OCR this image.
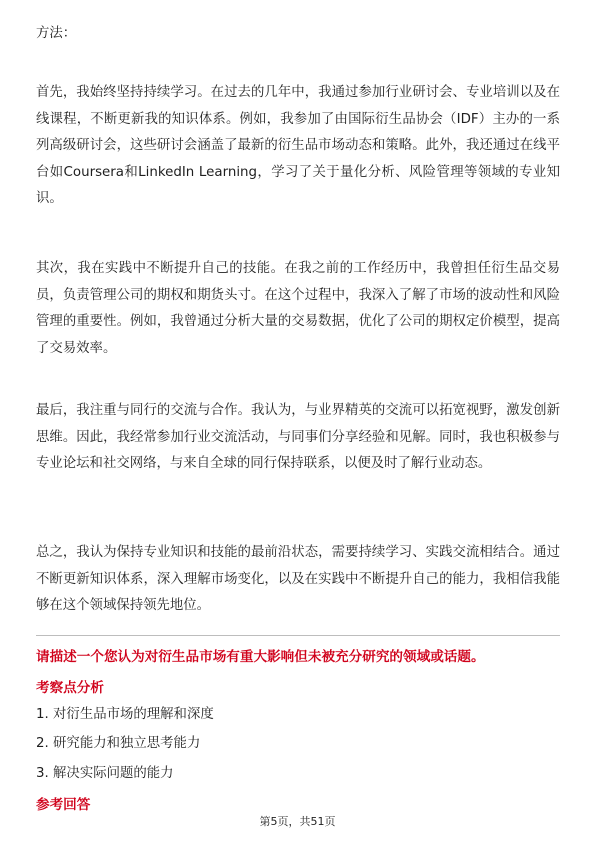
方法：

首先，我始终坚持持续学习。在过去的几年中，我通过参加行业研讨会、专业培训以及在线课程，不断更新我的知识体系。例如，我参加了由国际衍生品协会（IDF）主办的一系列高级研讨会，这些研讨会涵盖了最新的衍生品市场动态和策略。此外，我还通过在线平台如Coursera和LinkedIn Learning，学习了关于量化分析、风险管理等领域的专业知识。

其次，我在实践中不断提升自己的技能。在我之前的工作经历中，我曾担任衍生品交易员，负责管理公司的期权和期货头寸。在这个过程中，我深入了解了市场的波动性和风险管理的重要性。例如，我曾通过分析大量的交易数据，优化了公司的期权定价模型，提高了交易效率。

最后，我注重与同行的交流与合作。我认为，与业界精英的交流可以拓宽视野，激发创新思维。因此，我经常参加行业交流活动，与同事们分享经验和见解。同时，我也积极参与专业论坛和社交网络，与来自全球的同行保持联系，以便及时了解行业动态。

总之，我认为保持专业知识和技能的最前沿状态，需要持续学习、实践交流相结合。通过不断更新知识体系，深入理解市场变化，以及在实践中不断提升自己的能力，我相信我能够在这个领域保持领先地位。

请描述一个您认为对衍生品市场有重大影响但未被充分研究的领域或话题。
考察点分析
1. 对衍生品市场的理解和深度
2. 研究能力和独立思考能力
3. 解决实际问题的能力
参考回答
第5页，共51页
